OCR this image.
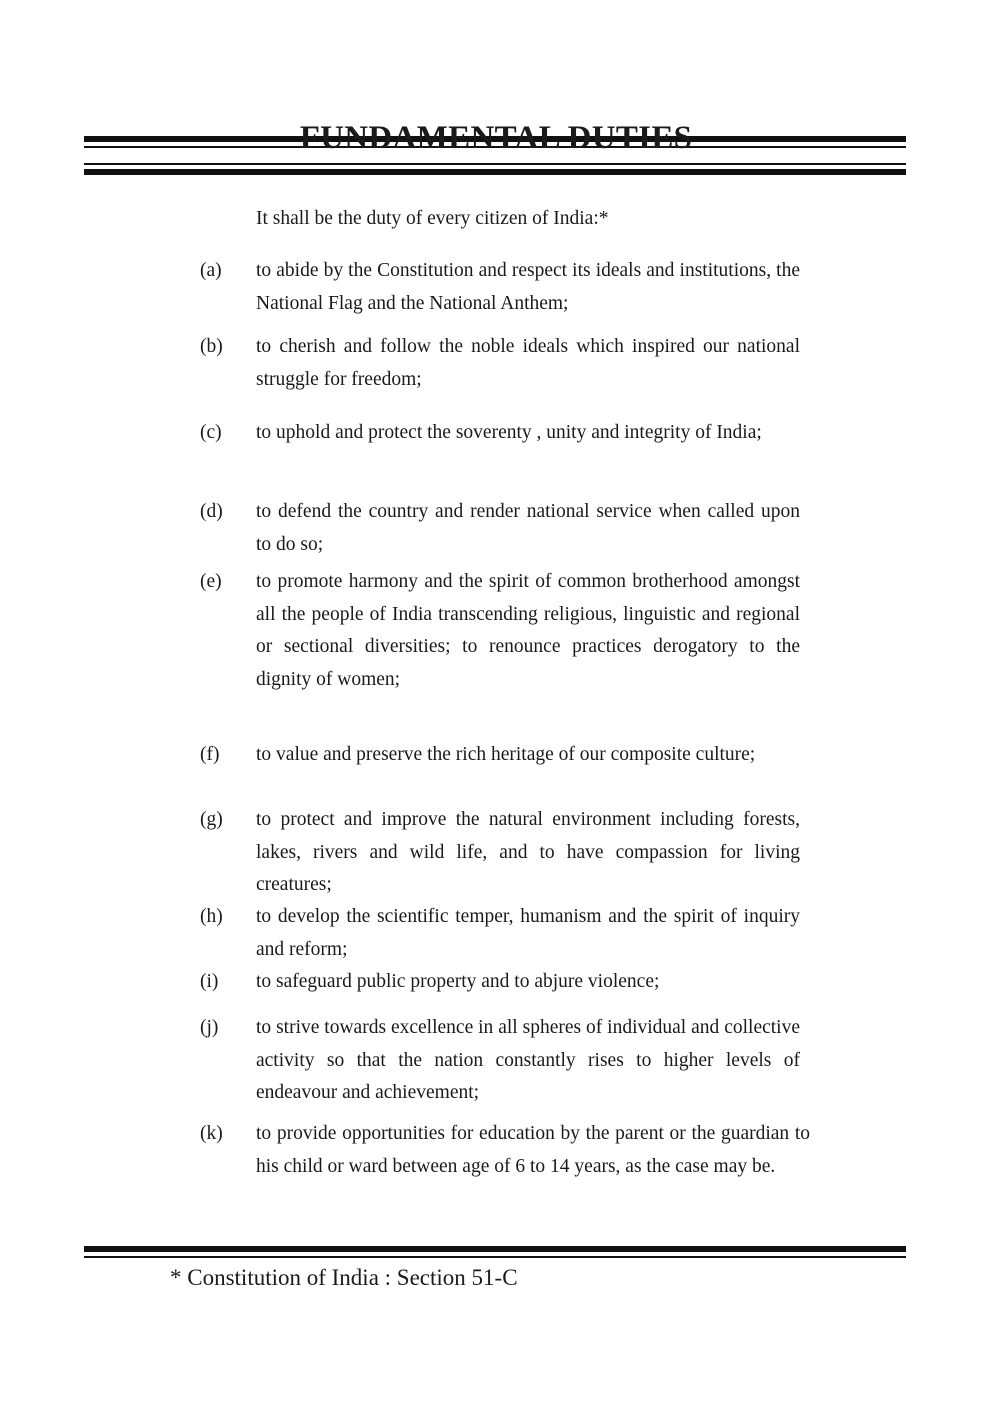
FUNDAMENTAL DUTIES
It shall be the duty of every citizen of India:*
(a) to abide by the Constitution and respect its ideals and institutions, the National Flag and the National Anthem;
(b) to cherish and follow the noble ideals which inspired our national struggle for freedom;
(c) to uphold and protect the soverenty , unity and integrity of India;
(d) to defend the country and render national service when called upon to do so;
(e) to promote harmony and the spirit of common brotherhood amongst all the people of India transcending religious, linguistic and regional or sectional diversities; to renounce practices derogatory to the dignity of women;
(f) to value and preserve the rich heritage of our composite culture;
(g) to protect and improve the natural environment including forests, lakes, rivers and wild life, and to have compassion for living creatures;
(h) to develop the scientific temper, humanism and the spirit of inquiry and reform;
(i) to safeguard public property and to abjure violence;
(j) to strive towards excellence in all spheres of individual and collective activity so that the nation constantly rises to higher levels of endeavour and achievement;
(k) to provide opportunities for education by the parent or the guardian to his child or ward between age of 6 to 14 years, as the case may be.
* Constitution of India : Section 51-C
